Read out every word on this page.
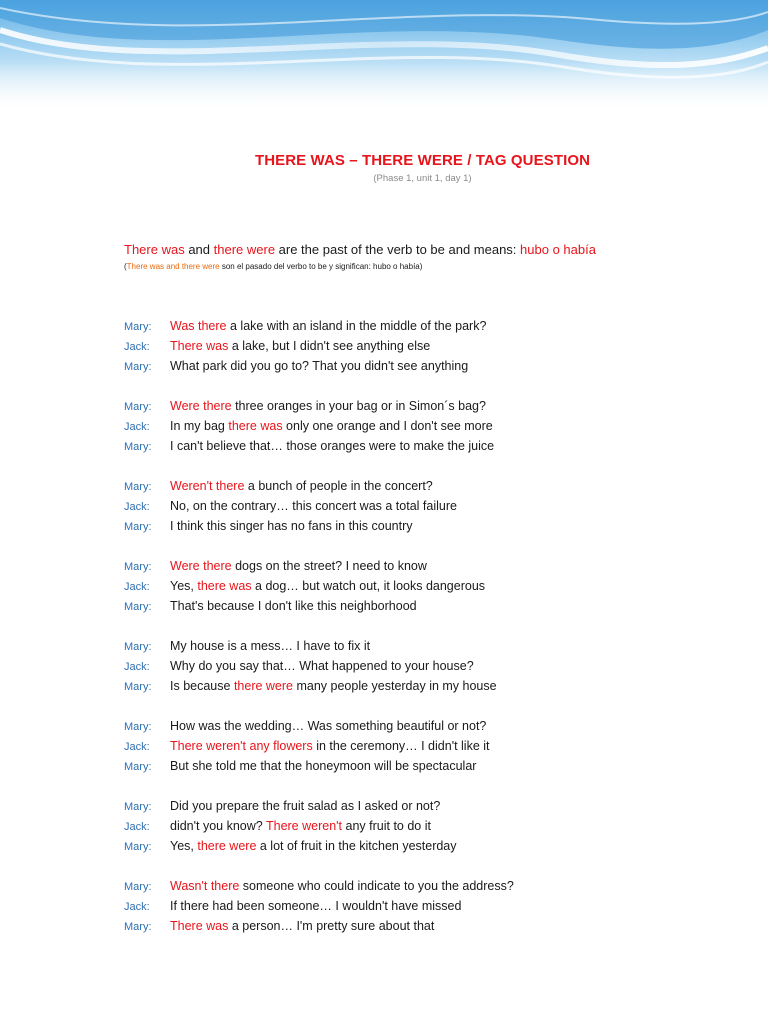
THERE WAS – THERE WERE / TAG QUESTION
(Phase 1, unit 1, day 1)
There was and there were are the past of the verb to be and means: hubo o había
(There was and there were son el pasado del verbo to be y significan: hubo o había)
Mary: Was there a lake with an island in the middle of the park?
Jack: There was a lake, but I didn't see anything else
Mary: What park did you go to? That you didn't see anything
Mary: Were there three oranges in your bag or in Simon´s bag?
Jack: In my bag there was only one orange and I don't see more
Mary: I can't believe that… those oranges were to make the juice
Mary: Weren't there a bunch of people in the concert?
Jack: No, on the contrary… this concert was a total failure
Mary: I think this singer has no fans in this country
Mary: Were there dogs on the street? I need to know
Jack: Yes, there was a dog… but watch out, it looks dangerous
Mary: That's because I don't like this neighborhood
Mary: My house is a mess… I have to fix it
Jack: Why do you say that… What happened to your house?
Mary: Is because there were many people yesterday in my house
Mary: How was the wedding… Was something beautiful or not?
Jack: There weren't any flowers in the ceremony… I didn't like it
Mary: But she told me that the honeymoon will be spectacular
Mary: Did you prepare the fruit salad as I asked or not?
Jack: didn't you know? There weren't any fruit to do it
Mary: Yes, there were a lot of fruit in the kitchen yesterday
Mary: Wasn't there someone who could indicate to you the address?
Jack: If there had been someone… I wouldn't have missed
Mary: There was a person… I'm pretty sure about that
